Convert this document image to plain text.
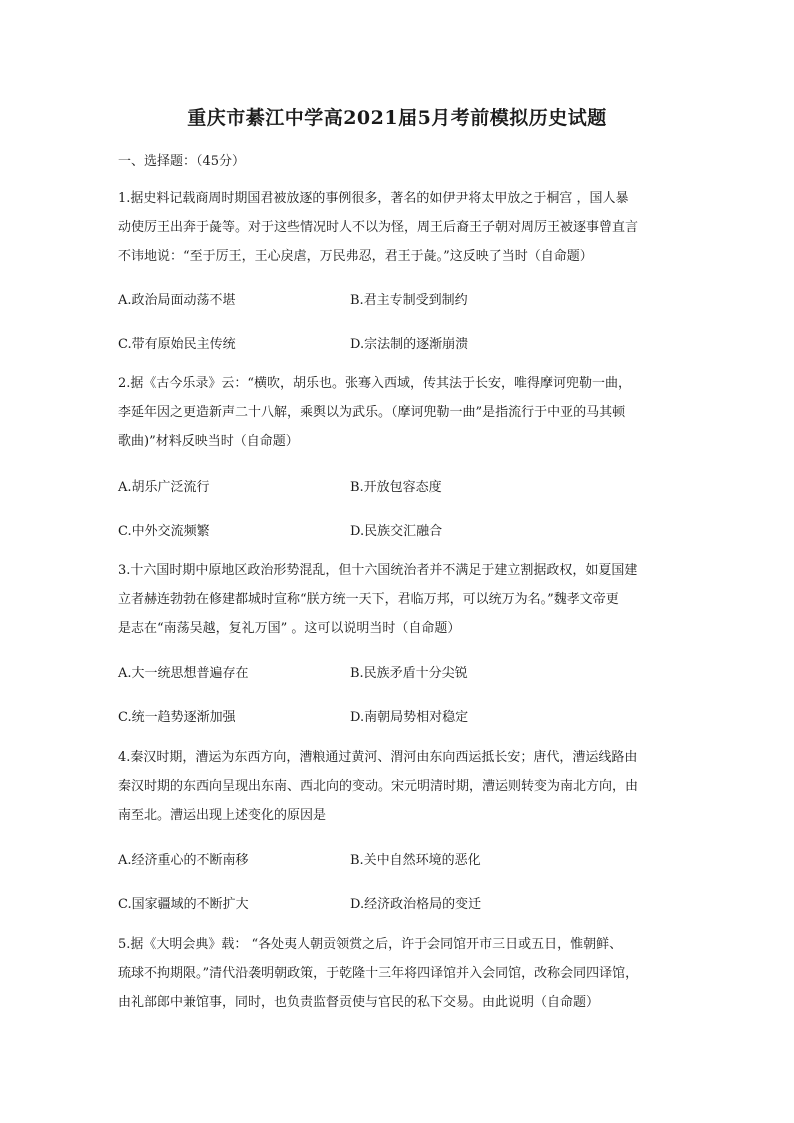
重庆市綦江中学高2021届5月考前模拟历史试题
一、选择题：（45分）
1.据史料记载商周时期国君被放逐的事例很多，著名的如伊尹将太甲放之于桐宫 ，国人暴
动使厉王出奔于彘等。对于这些情况时人不以为怪，周王后裔王子朝对周厉王被逐事曾直言
不讳地说：“至于厉王，王心戾虐，万民弗忍，君王于彘。”这反映了当时（自命题）
A.政治局面动荡不堪	B.君主专制受到制约
C.带有原始民主传统	D.宗法制的逐渐崩溃
2.据《古今乐录》云：“横吹，胡乐也。张骞入西域，传其法于长安，唯得摩诃兜勒一曲，
李延年因之更造新声二十八解，乘舆以为武乐。（摩诃兜勒一曲”是指流行于中亚的马其顿
歌曲)”材料反映当时（自命题）
A.胡乐广泛流行	B.开放包容态度
C.中外交流频繁	D.民族交汇融合
3.十六国时期中原地区政治形势混乱，但十六国统治者并不满足于建立割据政权，如夏国建
立者赫连勃勃在修建都城时宣称“朕方统一天下，君临万邦，可以统万为名。”魏孝文帝更
是志在“南荡吴越，复礼万国” 。这可以说明当时（自命题）
A.大一统思想普遍存在	B.民族矛盾十分尖锐
C.统一趋势逐渐加强	D.南朝局势相对稳定
4.秦汉时期，漕运为东西方向，漕粮通过黄河、渭河由东向西运抵长安；唐代，漕运线路由
秦汉时期的东西向呈现出东南、西北向的变动。宋元明清时期，漕运则转变为南北方向，由
南至北。漕运出现上述变化的原因是
A.经济重心的不断南移	B.关中自然环境的恶化
C.国家疆域的不断扩大	D.经济政治格局的变迁
5.据《大明会典》载： “各处夷人朝贡领赏之后，许于会同馆开市三日或五日，惟朝鲜、
琉球不拘期限。”清代沿袭明朝政策，于乾隆十三年将四译馆并入会同馆，改称会同四译馆，
由礼部郎中兼馆事，同时，也负责监督贡使与官民的私下交易。由此说明（自命题）
